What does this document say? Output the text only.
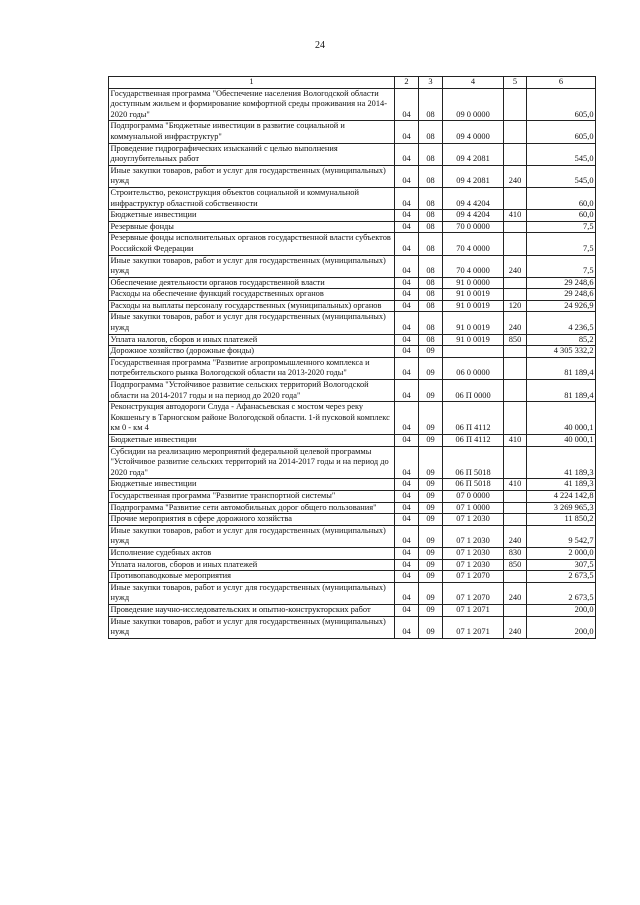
24
1	2	3	4	5	6
Государственная программа "Обеспечение населения Вологодской области доступным жильем и формирование комфортной среды проживания на 2014-2020 годы"	04	08	09 0 0000		605,0
Подпрограмма "Бюджетные инвестиции в развитие социальной и коммунальной инфраструктур"	04	08	09 4 0000		605,0
Проведение гидрографических изысканий с целью выполнения дноуглубительных работ	04	08	09 4 2081		545,0
Иные закупки товаров, работ и услуг для государственных (муниципальных) нужд	04	08	09 4 2081	240	545,0
Строительство, реконструкция объектов социальной и коммунальной инфраструктур областной собственности	04	08	09 4 4204		60,0
Бюджетные инвестиции	04	08	09 4 4204	410	60,0
Резервные фонды	04	08	70 0 0000		7,5
Резервные фонды исполнительных органов государственной власти субъектов Российской Федерации	04	08	70 4 0000		7,5
Иные закупки товаров, работ и услуг для государственных (муниципальных) нужд	04	08	70 4 0000	240	7,5
Обеспечение деятельности органов государственной власти	04	08	91 0 0000		29 248,6
Расходы на обеспечение функций государственных органов	04	08	91 0 0019		29 248,6
Расходы на выплаты персоналу государственных (муниципальных) органов	04	08	91 0 0019	120	24 926,9
Иные закупки товаров, работ и услуг для государственных (муниципальных) нужд	04	08	91 0 0019	240	4 236,5
Уплата налогов, сборов и иных платежей	04	08	91 0 0019	850	85,2
Дорожное хозяйство (дорожные фонды)	04	09			4 305 332,2
Государственная программа "Развитие агропромышленного комплекса и потребительского рынка Вологодской области на 2013-2020 годы"	04	09	06 0 0000		81 189,4
Подпрограмма "Устойчивое развитие сельских территорий Вологодской области на 2014-2017 годы и на период до 2020 года"	04	09	06 П 0000		81 189,4
Реконструкция автодороги Слуда - Афанасьевская с мостом через реку Кокшеньгу в Тарногском районе Вологодской области. 1-й пусковой комплекс км 0 - км 4	04	09	06 П 4112		40 000,1
Бюджетные инвестиции	04	09	06 П 4112	410	40 000,1
Субсидии на реализацию мероприятий федеральной целевой программы "Устойчивое развитие сельских территорий на 2014-2017 годы и на период до 2020 года"	04	09	06 П 5018		41 189,3
Бюджетные инвестиции	04	09	06 П 5018	410	41 189,3
Государственная программа "Развитие транспортной системы"	04	09	07 0 0000		4 224 142,8
Подпрограмма "Развитие сети автомобильных дорог общего пользования"	04	09	07 1 0000		3 269 965,3
Прочие мероприятия в сфере дорожного хозяйства	04	09	07 1 2030		11 850,2
Иные закупки товаров, работ и услуг для государственных (муниципальных) нужд	04	09	07 1 2030	240	9 542,7
Исполнение судебных актов	04	09	07 1 2030	830	2 000,0
Уплата налогов, сборов и иных платежей	04	09	07 1 2030	850	307,5
Противопаводковые мероприятия	04	09	07 1 2070		2 673,5
Иные закупки товаров, работ и услуг для государственных (муниципальных) нужд	04	09	07 1 2070	240	2 673,5
Проведение научно-исследовательских и опытно-конструкторских работ	04	09	07 1 2071		200,0
Иные закупки товаров, работ и услуг для государственных (муниципальных) нужд	04	09	07 1 2071	240	200,0
